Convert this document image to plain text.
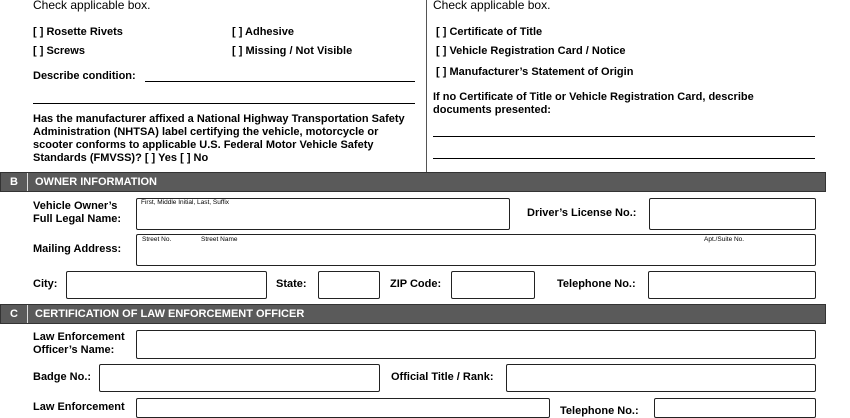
Check applicable box.
[ ] Rosette Rivets	[ ] Adhesive
[ ] Screws	[ ] Missing / Not Visible
Describe condition:
Has the manufacturer affixed a National Highway Transportation Safety
Administration (NHTSA) label certifying the vehicle, motorcycle or
scooter conforms to applicable U.S. Federal Motor Vehicle Safety
Standards (FMVSS)? [ ] Yes [ ] No
Check applicable box.
[ ] Certificate of Title
[ ] Vehicle Registration Card / Notice
[ ] Manufacturer’s Statement of Origin
If no Certificate of Title or Vehicle Registration Card, describe
documents presented:
B	OWNER INFORMATION
Vehicle Owner’s
Full Legal Name:
First, Middle Initial, Last, Suffix
Driver’s License No.:
Mailing Address:
Street No.	Street Name	Apt./Suite No.
City:	State:	ZIP Code:	Telephone No.:
C	CERTIFICATION OF LAW ENFORCEMENT OFFICER
Law Enforcement
Officer’s Name:
Badge No.:	Official Title / Rank:
Law Enforcement	Telephone No.:
